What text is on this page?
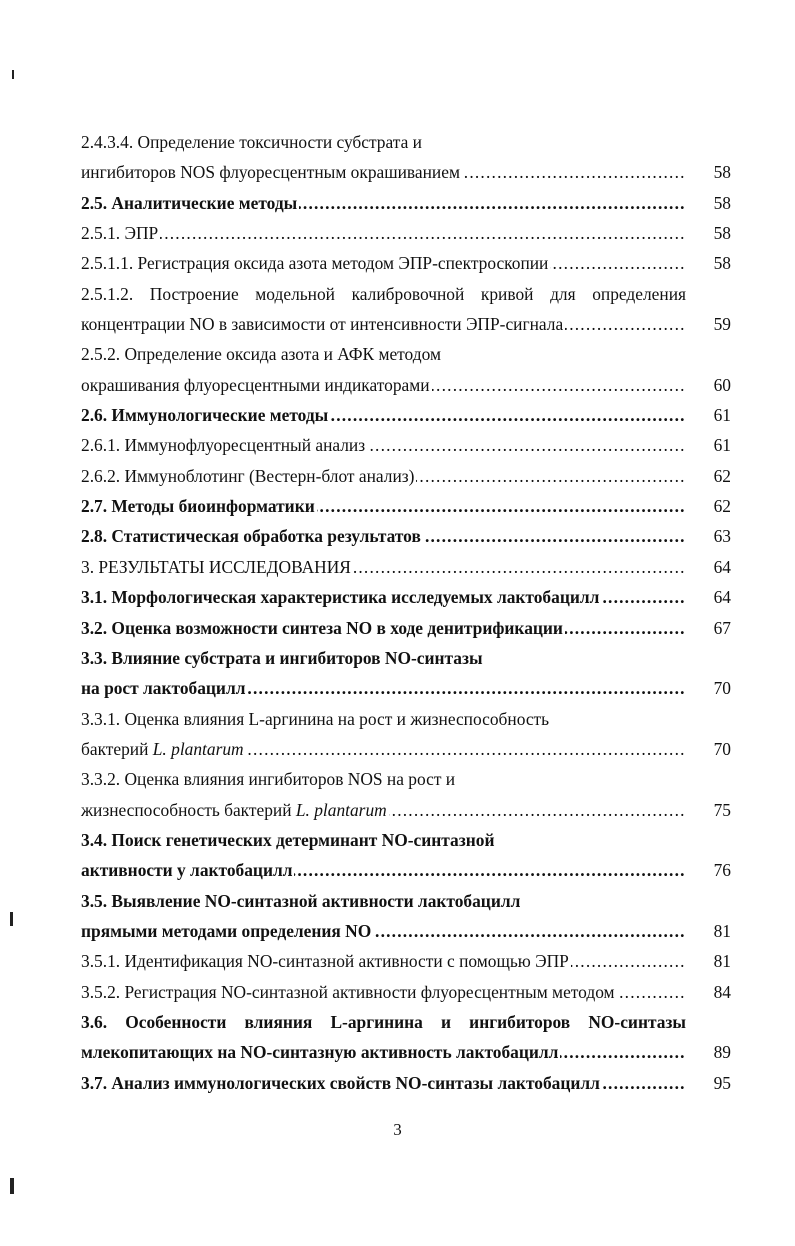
2.4.3.4. Определение токсичности субстрата и
.....
ингибиторов NOS флуоресцентным окрашиванием	58
.....
2.5. Аналитические методы	58
.....
2.5.1. ЭПР	58
.....
2.5.1.1. Регистрация оксида азота методом ЭПР-спектроскопии	58
2.5.1.2. Построение модельной калибровочной кривой для определения
.....
концентрации NO в зависимости от интенсивности ЭПР-сигнала	59
2.5.2. Определение оксида азота и АФК методом
.....
окрашивания флуоресцентными индикаторами	60
.....
2.6. Иммунологические методы	61
.....
2.6.1. Иммунофлуоресцентный анализ	61
.....
2.6.2. Иммуноблотинг (Вестерн-блот анализ)	62
.....
2.7. Методы биоинформатики	62
.....
2.8. Статистическая обработка результатов	63
.....
3. РЕЗУЛЬТАТЫ ИССЛЕДОВАНИЯ	64
.....
3.1. Морфологическая характеристика исследуемых лактобацилл	64
.....
3.2. Оценка возможности синтеза NO в ходе денитрификации	67
3.3. Влияние субстрата и ингибиторов NO-синтазы
.....
на рост лактобацилл	70
3.3.1. Оценка влияния L-аргинина на рост и жизнеспособность
.....
бактерий L. plantarum	70
3.3.2. Оценка влияния ингибиторов NOS на рост и
.....
жизнеспособность бактерий L. plantarum	75
3.4. Поиск генетических детерминант NO-синтазной
.....
активности у лактобацилл	76
3.5. Выявление NO-синтазной активности лактобацилл
.....
прямыми методами определения NO	81
.....
3.5.1. Идентификация NO-синтазной активности с помощью ЭПР	81
.....
3.5.2. Регистрация NO-синтазной активности флуоресцентным методом	84
3.6. Особенности влияния L-аргинина и ингибиторов NO-синтазы
.....
млекопитающих на NO-синтазную активность лактобацилл	89
.....
3.7. Анализ иммунологических свойств NO-синтазы лактобацилл	95
3
